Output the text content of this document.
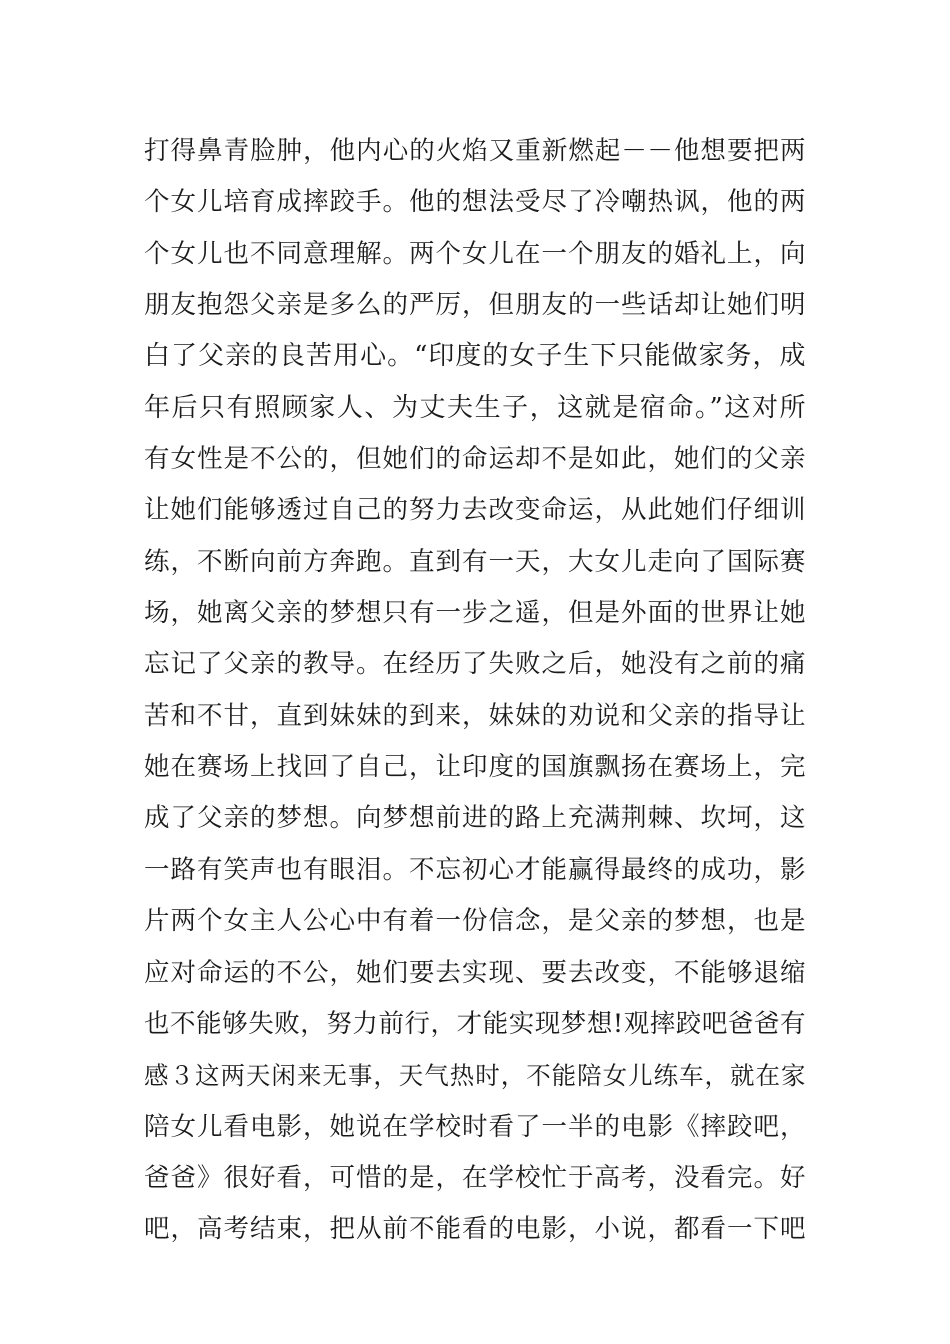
打得鼻青脸肿，他内心的火焰又重新燃起－－他想要把两
个女儿培育成摔跤手。他的想法受尽了冷嘲热讽，他的两
个女儿也不同意理解。两个女儿在一个朋友的婚礼上，向
朋友抱怨父亲是多么的严厉，但朋友的一些话却让她们明
白了父亲的良苦用心。“印度的女子生下只能做家务，成
年后只有照顾家人、为丈夫生子，这就是宿命。”这对所
有女性是不公的，但她们的命运却不是如此，她们的父亲
让她们能够透过自己的努力去改变命运，从此她们仔细训
练，不断向前方奔跑。直到有一天，大女儿走向了国际赛
场，她离父亲的梦想只有一步之遥，但是外面的世界让她
忘记了父亲的教导。在经历了失败之后，她没有之前的痛
苦和不甘，直到妹妹的到来，妹妹的劝说和父亲的指导让
她在赛场上找回了自己，让印度的国旗飘扬在赛场上，完
成了父亲的梦想。向梦想前进的路上充满荆棘、坎坷，这
一路有笑声也有眼泪。不忘初心才能赢得最终的成功，影
片两个女主人公心中有着一份信念，是父亲的梦想，也是
应对命运的不公，她们要去实现、要去改变，不能够退缩
也不能够失败，努力前行，才能实现梦想!观摔跤吧爸爸有
感３这两天闲来无事，天气热时，不能陪女儿练车，就在家
陪女儿看电影，她说在学校时看了一半的电影《摔跤吧，
爸爸》很好看，可惜的是，在学校忙于高考，没看完。好
吧，高考结束，把从前不能看的电影，小说，都看一下吧
